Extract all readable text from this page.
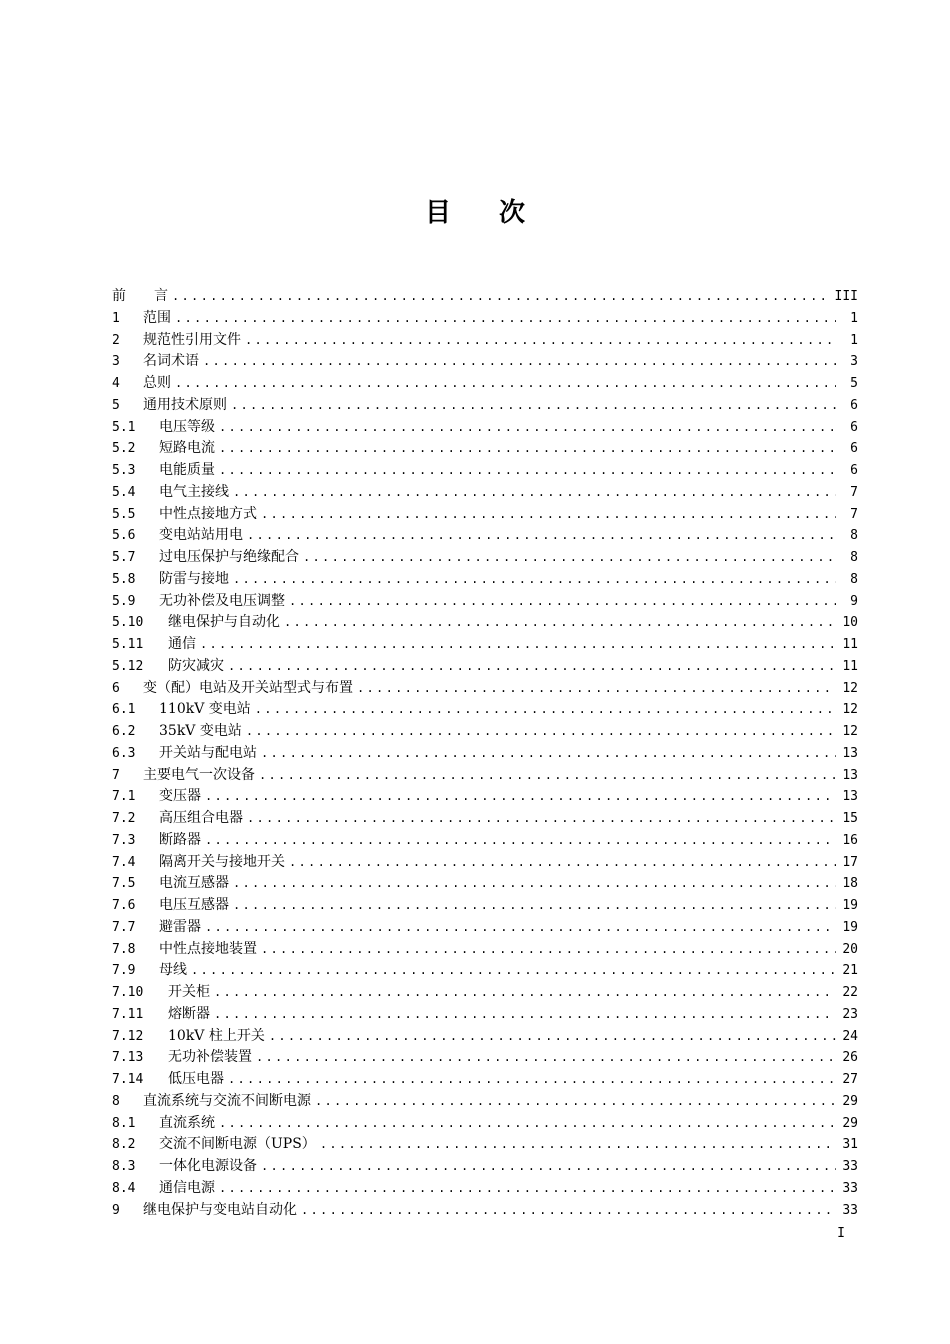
目 次
前　　言 .....	III
1	范围 .....	1
2	规范性引用文件 .....	1
3	名词术语 .....	3
4	总则 .....	5
5	通用技术原则 .....	6
5.1	电压等级 .....	6
5.2	短路电流 .....	6
5.3	电能质量 .....	6
5.4	电气主接线 .....	7
5.5	中性点接地方式 .....	7
5.6	变电站站用电 .....	8
5.7	过电压保护与绝缘配合 .....	8
5.8	防雷与接地 .....	8
5.9	无功补偿及电压调整 .....	9
5.10	继电保护与自动化 .....	10
5.11	通信 .....	11
5.12	防灾减灾 .....	11
6	变（配）电站及开关站型式与布置 .....	12
6.1	110kV 变电站 .....	12
6.2	35kV 变电站 .....	12
6.3	开关站与配电站 .....	13
7	主要电气一次设备 .....	13
7.1	变压器 .....	13
7.2	高压组合电器 .....	15
7.3	断路器 .....	16
7.4	隔离开关与接地开关 .....	17
7.5	电流互感器 .....	18
7.6	电压互感器 .....	19
7.7	避雷器 .....	19
7.8	中性点接地装置 .....	20
7.9	母线 .....	21
7.10	开关柜 .....	22
7.11	熔断器 .....	23
7.12	10kV 柱上开关 .....	24
7.13	无功补偿装置 .....	26
7.14	低压电器 .....	27
8	直流系统与交流不间断电源 .....	29
8.1	直流系统 .....	29
8.2	交流不间断电源（UPS） .....	31
8.3	一体化电源设备 .....	33
8.4	通信电源 .....	33
9	继电保护与变电站自动化 .....	33
I
